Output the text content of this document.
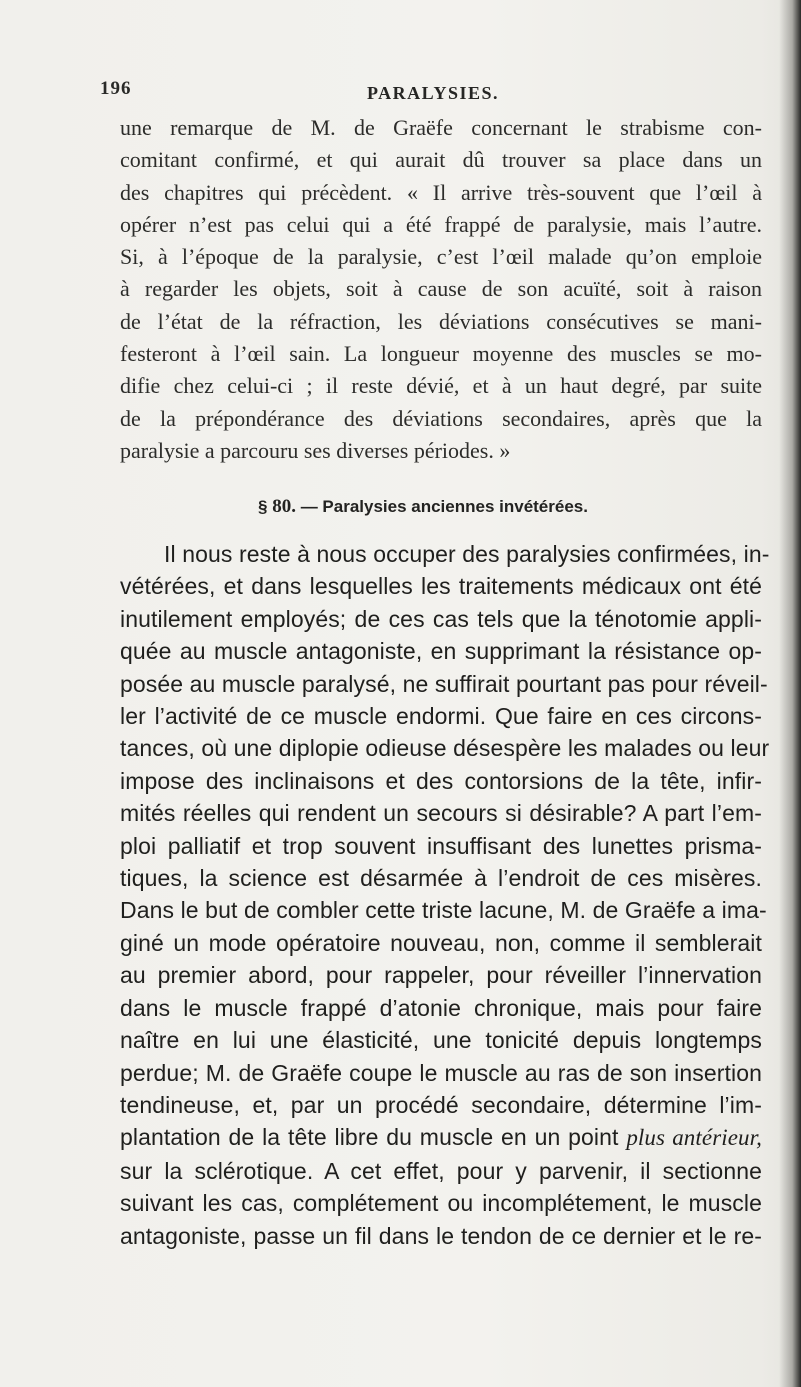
196	PARALYSIES.
une remarque de M. de Graëfe concernant le strabisme con-
comitant confirmé, et qui aurait dû trouver sa place dans un
des chapitres qui précèdent. « Il arrive très-souvent que l’œil à
opérer n’est pas celui qui a été frappé de paralysie, mais l’autre.
Si, à l’époque de la paralysie, c’est l’œil malade qu’on emploie
à regarder les objets, soit à cause de son acuïté, soit à raison
de l’état de la réfraction, les déviations consécutives se mani-
festeront à l’œil sain. La longueur moyenne des muscles se mo-
difie chez celui-ci ; il reste dévié, et à un haut degré, par suite
de la prépondérance des déviations secondaires, après que la
paralysie a parcouru ses diverses périodes. »
§ 80. — Paralysies anciennes invétérées.
Il nous reste à nous occuper des paralysies confirmées, in-
vétérées, et dans lesquelles les traitements médicaux ont été
inutilement employés; de ces cas tels que la ténotomie appli-
quée au muscle antagoniste, en supprimant la résistance op-
posée au muscle paralysé, ne suffirait pourtant pas pour réveil-
ler l’activité de ce muscle endormi. Que faire en ces circons-
tances, où une diplopie odieuse désespère les malades ou leur
impose des inclinaisons et des contorsions de la tête, infir-
mités réelles qui rendent un secours si désirable? A part l’em-
ploi palliatif et trop souvent insuffisant des lunettes prisma-
tiques, la science est désarmée à l’endroit de ces misères.
Dans le but de combler cette triste lacune, M. de Graëfe a ima-
giné un mode opératoire nouveau, non, comme il semblerait
au premier abord, pour rappeler, pour réveiller l’innervation
dans le muscle frappé d’atonie chronique, mais pour faire
naître en lui une élasticité, une tonicité depuis longtemps
perdue; M. de Graëfe coupe le muscle au ras de son insertion
tendineuse, et, par un procédé secondaire, détermine l’im-
plantation de la tête libre du muscle en un point plus antérieur,
sur la sclérotique. A cet effet, pour y parvenir, il sectionne
suivant les cas, complétement ou incomplétement, le muscle
antagoniste, passe un fil dans le tendon de ce dernier et le re-
